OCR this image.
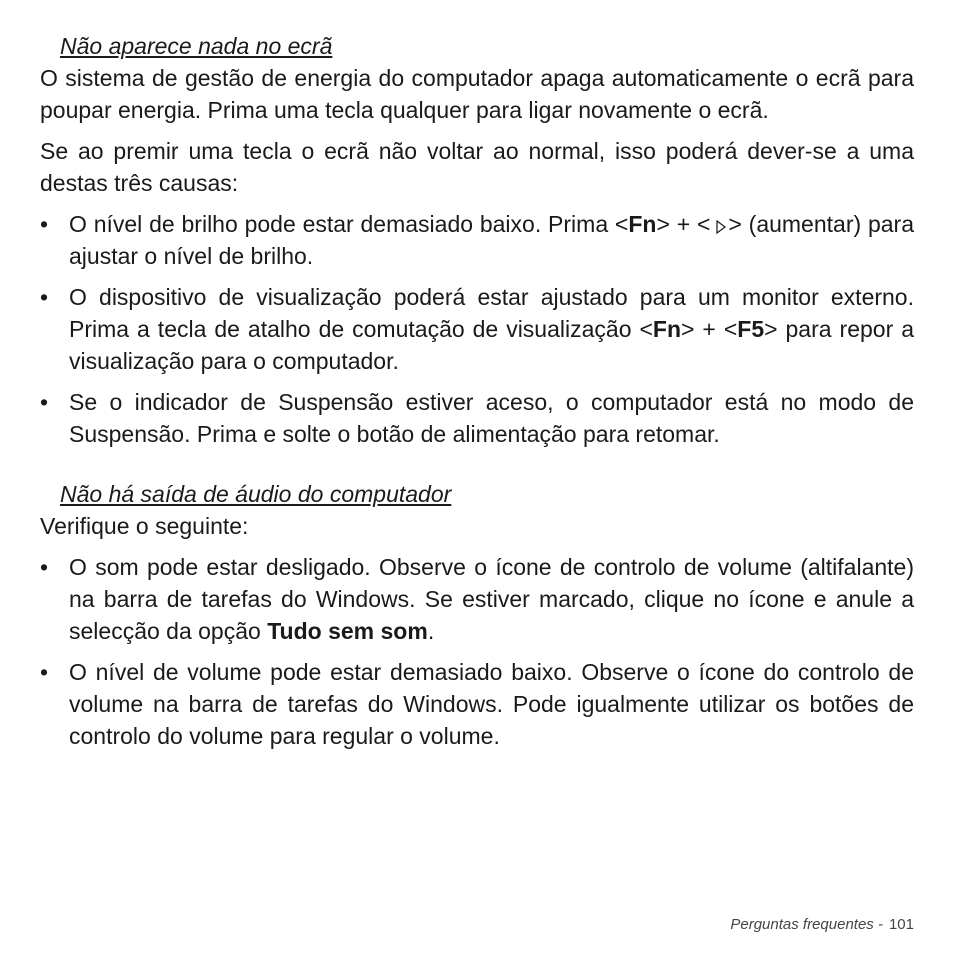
Não aparece nada no ecrã

O sistema de gestão de energia do computador apaga automaticamente o ecrã para poupar energia. Prima uma tecla qualquer para ligar novamente o ecrã.

Se ao premir uma tecla o ecrã não voltar ao normal, isso poderá dever-se a uma destas três causas:

• O nível de brilho pode estar demasiado baixo. Prima <Fn> + < > (aumentar) para ajustar o nível de brilho.
• O dispositivo de visualização poderá estar ajustado para um monitor externo. Prima a tecla de atalho de comutação de visualização <Fn> + <F5> para repor a visualização para o computador.
• Se o indicador de Suspensão estiver aceso, o computador está no modo de Suspensão. Prima e solte o botão de alimentação para retomar.

Não há saída de áudio do computador

Verifique o seguinte:

• O som pode estar desligado. Observe o ícone de controlo de volume (altifalante) na barra de tarefas do Windows. Se estiver marcado, clique no ícone e anule a selecção da opção Tudo sem som.
• O nível de volume pode estar demasiado baixo. Observe o ícone do controlo de volume na barra de tarefas do Windows. Pode igualmente utilizar os botões de controlo do volume para regular o volume.
Perguntas frequentes - 101
